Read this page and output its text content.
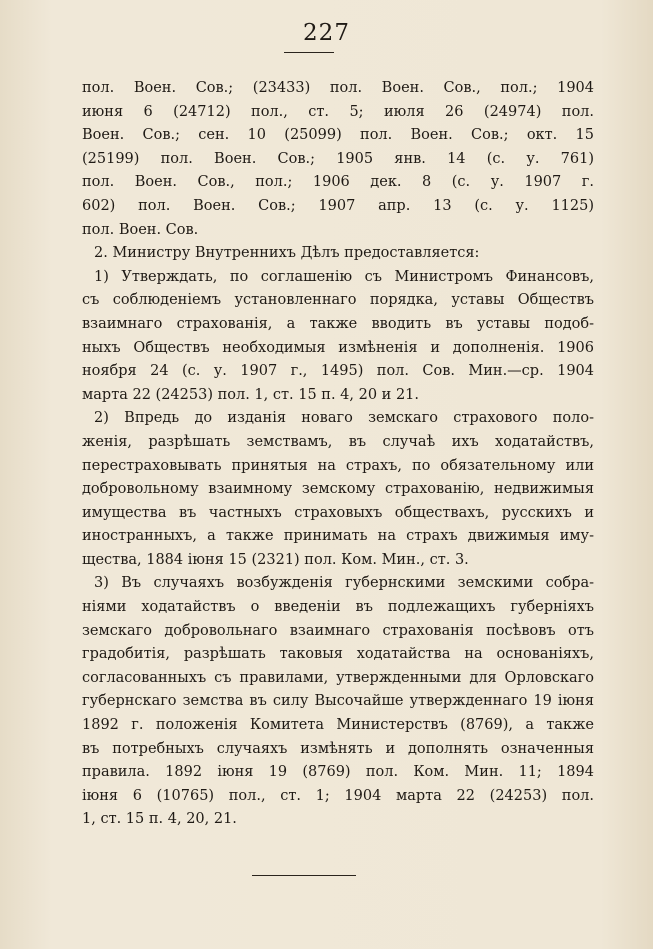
227
пол. Воен. Сов.; (23433) пол. Воен. Сов., пол.; 1904
июня 6 (24712) пол., ст. 5; июля 26 (24974) пол.
Воен. Сов.; сен. 10 (25099) пол. Воен. Сов.; окт. 15
(25199) пол. Воен. Сов.; 1905 янв. 14 (с. у. 761)
пол. Воен. Сов., пол.; 1906 дек. 8 (с. у. 1907 г.
602) пол. Воен. Сов.; 1907 апр. 13 (с. у. 1125)
пол. Воен. Сов.
2. Министру Внутреннихъ Дѣлъ предоставляется:
1) Утверждать, по соглашенію съ Министромъ Финансовъ,
съ соблюденіемъ установленнаго порядка, уставы Обществъ
взаимнаго страхованія, а также вводить въ уставы подоб-
ныхъ Обществъ необходимыя измѣненія и дополненія. 1906
ноября 24 (с. у. 1907 г., 1495) пол. Сов. Мин.—ср. 1904
марта 22 (24253) пол. 1, ст. 15 п. 4, 20 и 21.
2) Впредь до изданія новаго земскаго страхового поло-
женія, разрѣшать земствамъ, въ случаѣ ихъ ходатайствъ,
перестраховывать принятыя на страхъ, по обязательному или
добровольному взаимному земскому страхованію, недвижимыя
имущества въ частныхъ страховыхъ обществахъ, русскихъ и
иностранныхъ, а также принимать на страхъ движимыя иму-
щества, 1884 іюня 15 (2321) пол. Ком. Мин., ст. 3.
3) Въ случаяхъ возбужденія губернскими земскими собра-
ніями ходатайствъ о введеніи въ подлежащихъ губерніяхъ
земскаго добровольнаго взаимнаго страхованія посѣвовъ отъ
градобитія, разрѣшать таковыя ходатайства на основаніяхъ,
согласованныхъ съ правилами, утвержденными для Орловскаго
губернскаго земства въ силу Высочайше утвержденнаго 19 іюня
1892 г. положенія Комитета Министерствъ (8769), а также
въ потребныхъ случаяхъ измѣнять и дополнять означенныя
правила. 1892 іюня 19 (8769) пол. Ком. Мин. 11; 1894
іюня 6 (10765) пол., ст. 1; 1904 марта 22 (24253) пол.
1, ст. 15 п. 4, 20, 21.
